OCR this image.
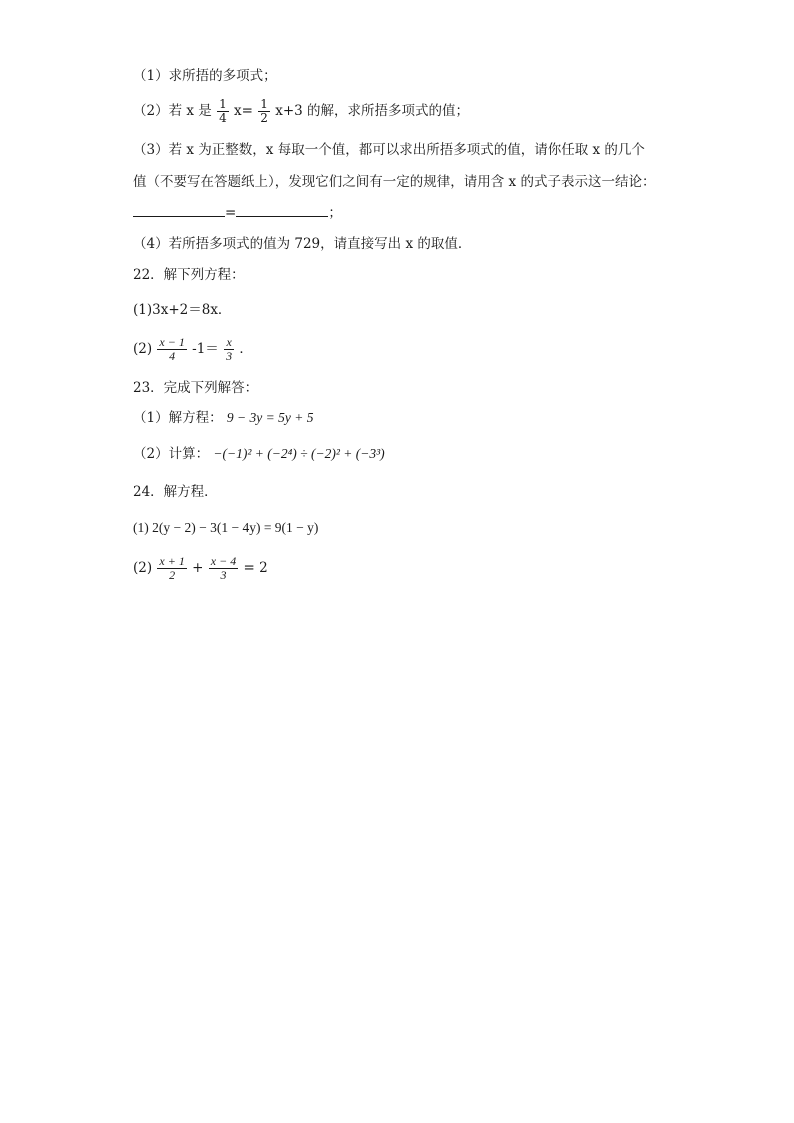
（1）求所捂的多项式；
（2）若 x 是 $\frac{1}{4} x= \frac{1}{2} x+3$ 的解，求所捂多项式的值；
（3）若 x 为正整数，x 每取一个值，都可以求出所捂多项式的值，请你任取 x 的几个
值（不要写在答题纸上），发现它们之间有一定的规律，请用含 x 的式子表示这一结论：
=	；
（4）若所捂多项式的值为 729，请直接写出 x 的取值．
22．解下列方程：
(1)3x+2＝8x．
$(2) \frac{x - 1}{4} -1= \frac{x}{3}$ ．
23．完成下列解答：
（1）解方程： 9 − 3y = 5y + 5
（2）计算： −(−1)² + (−2⁴) ÷ (−2)² + (−3³)
24．解方程．
(1) 2(y − 2) − 3(1 − 4y) = 9(1 − y)
$(2) \frac{x + 1}{2} + \frac{x - 4}{3} = 2$
